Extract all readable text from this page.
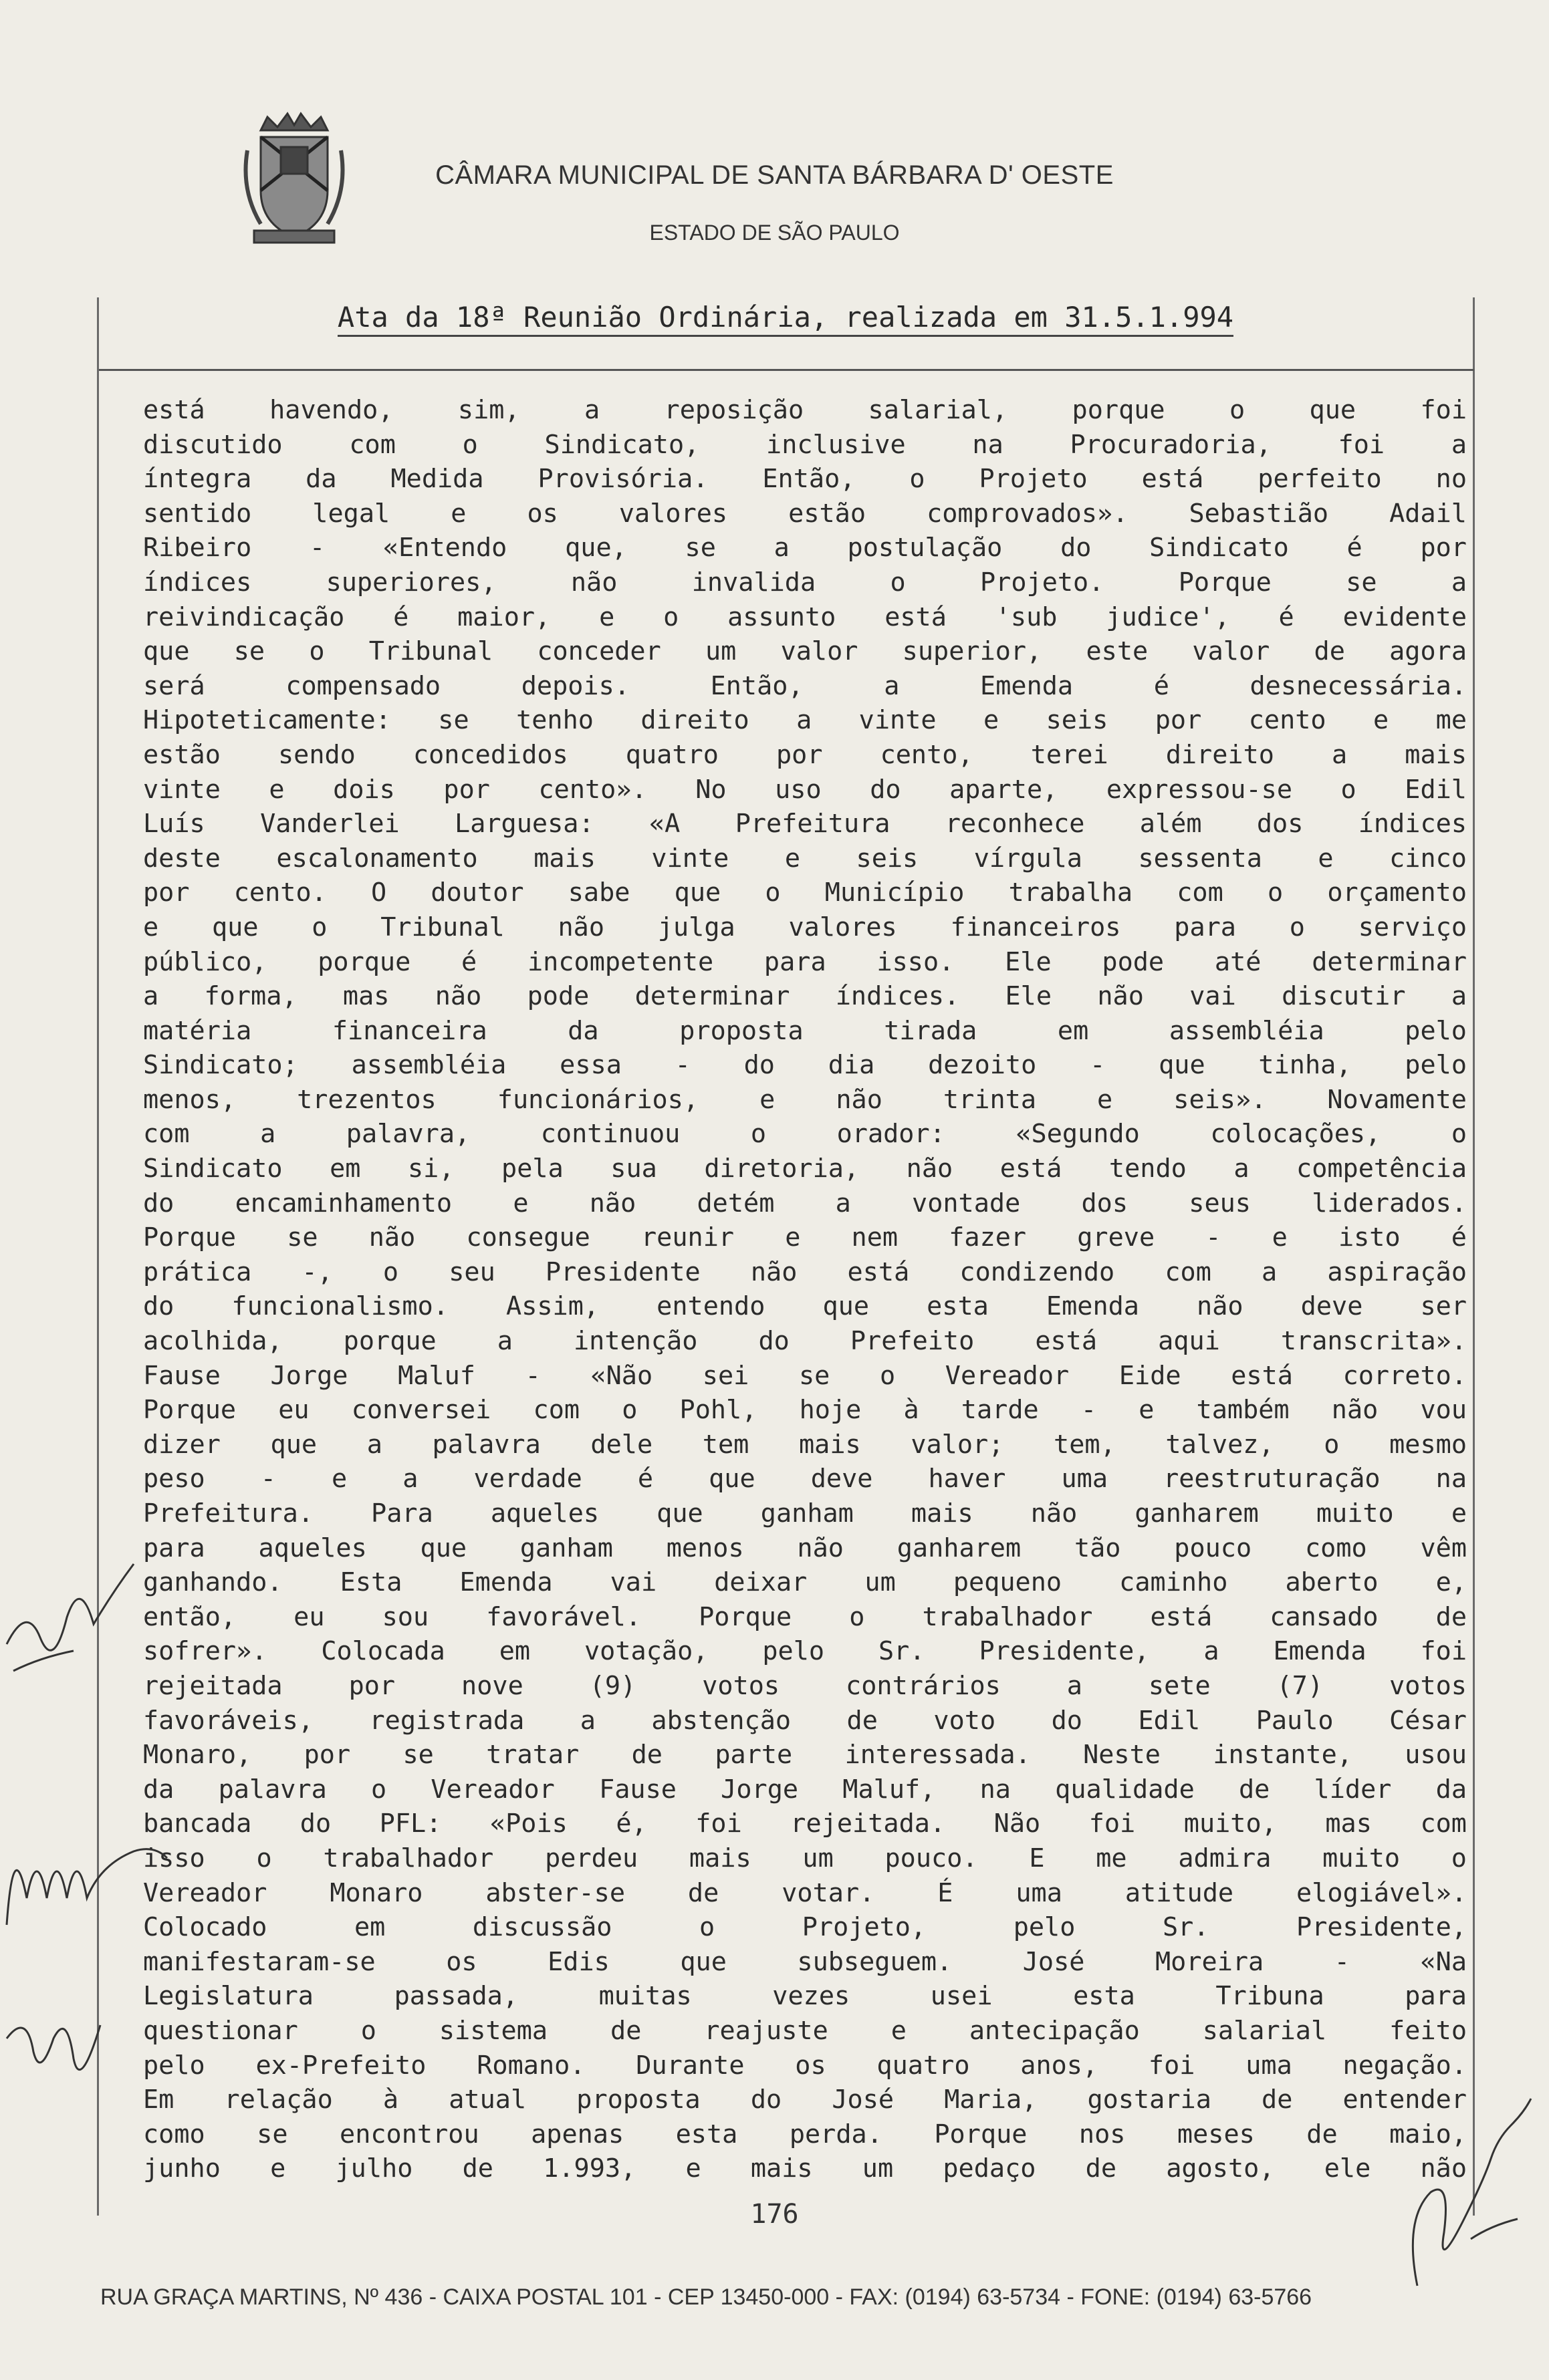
CÂMARA MUNICIPAL DE SANTA BÁRBARA D' OESTE
ESTADO DE SÃO PAULO
Ata da 18ª Reunião Ordinária, realizada em 31.5.1.994
está havendo, sim, a reposição salarial, porque o que foi
discutido com o Sindicato, inclusive na Procuradoria, foi a
íntegra da Medida Provisória. Então, o Projeto está perfeito no
sentido legal e os valores estão comprovados». Sebastião Adail
Ribeiro - «Entendo que, se a postulação do Sindicato é por
índices superiores, não invalida o Projeto. Porque se a
reivindicação é maior, e o assunto está 'sub judice', é evidente
que se o Tribunal conceder um valor superior, este valor de agora
será compensado depois. Então, a Emenda é desnecessária.
Hipoteticamente: se tenho direito a vinte e seis por cento e me
estão sendo concedidos quatro por cento, terei direito a mais
vinte e dois por cento». No uso do aparte, expressou-se o Edil
Luís Vanderlei Larguesa: «A Prefeitura reconhece além dos índices
deste escalonamento mais vinte e seis vírgula sessenta e cinco
por cento. O doutor sabe que o Município trabalha com o orçamento
e que o Tribunal não julga valores financeiros para o serviço
público, porque é incompetente para isso. Ele pode até determinar
a forma, mas não pode determinar índices. Ele não vai discutir a
matéria financeira da proposta tirada em assembléia pelo
Sindicato; assembléia essa - do dia dezoito - que tinha, pelo
menos, trezentos funcionários, e não trinta e seis». Novamente
com a palavra, continuou o orador: «Segundo colocações, o
Sindicato em si, pela sua diretoria, não está tendo a competência
do encaminhamento e não detém a vontade dos seus liderados.
Porque se não consegue reunir e nem fazer greve - e isto é
prática -, o seu Presidente não está condizendo com a aspiração
do funcionalismo. Assim, entendo que esta Emenda não deve ser
acolhida, porque a intenção do Prefeito está aqui transcrita».
Fause Jorge Maluf - «Não sei se o Vereador Eide está correto.
Porque eu conversei com o Pohl, hoje à tarde - e também não vou
dizer que a palavra dele tem mais valor; tem, talvez, o mesmo
peso - e a verdade é que deve haver uma reestruturação na
Prefeitura. Para aqueles que ganham mais não ganharem muito e
para aqueles que ganham menos não ganharem tão pouco como vêm
ganhando. Esta Emenda vai deixar um pequeno caminho aberto e,
então, eu sou favorável. Porque o trabalhador está cansado de
sofrer». Colocada em votação, pelo Sr. Presidente, a Emenda foi
rejeitada por nove (9) votos contrários a sete (7) votos
favoráveis, registrada a abstenção de voto do Edil Paulo César
Monaro, por se tratar de parte interessada. Neste instante, usou
da palavra o Vereador Fause Jorge Maluf, na qualidade de líder da
bancada do PFL: «Pois é, foi rejeitada. Não foi muito, mas com
isso o trabalhador perdeu mais um pouco. E me admira muito o
Vereador Monaro abster-se de votar. É uma atitude elogiável».
Colocado em discussão o Projeto, pelo Sr. Presidente,
manifestaram-se os Edis que subseguem. José Moreira - «Na
Legislatura passada, muitas vezes usei esta Tribuna para
questionar o sistema de reajuste e antecipação salarial feito
pelo ex-Prefeito Romano. Durante os quatro anos, foi uma negação.
Em relação à atual proposta do José Maria, gostaria de entender
como se encontrou apenas esta perda. Porque nos meses de maio,
junho e julho de 1.993, e mais um pedaço de agosto, ele não
176
RUA GRAÇA MARTINS, Nº 436 - CAIXA POSTAL 101 - CEP 13450-000 - FAX: (0194) 63-5734 - FONE: (0194) 63-5766
